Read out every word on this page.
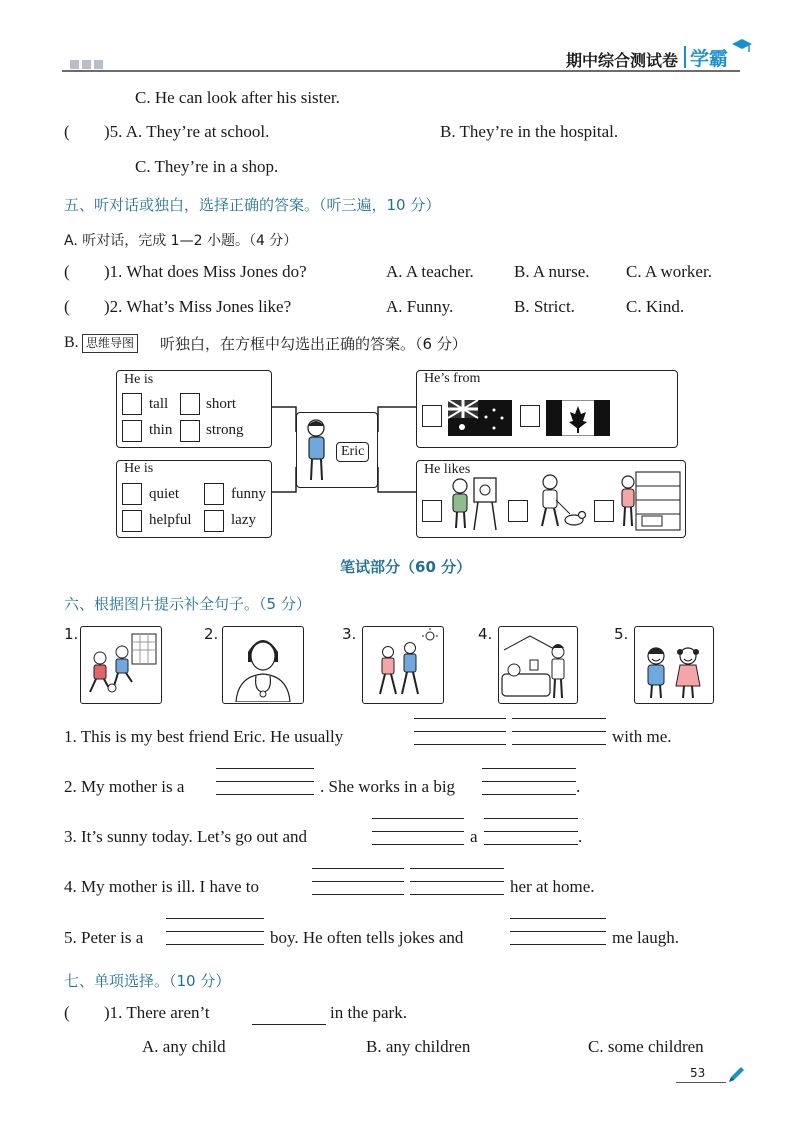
期中综合测试卷 学霸
C. He can look after his sister.
( )5. A. They’re at school.	B. They’re in the hospital.
C. They’re in a shop.
五、听对话或独白，选择正确的答案。（听三遍，10 分）
A. 听对话，完成 1—2 小题。（4 分）
( )1. What does Miss Jones do?	A. A teacher. B. A nurse. C. A worker.
( )2. What’s Miss Jones like?	A. Funny.	B. Strict.	C. Kind.
B. 思维导图 听独白，在方框中勾选出正确的答案。（6 分）
He is
tall	short
thin strong
He is
quiet	funny
helpful	lazy
Eric
He’s from
He likes
笔试部分（60 分）
六、根据图片提示补全句子。（5 分）
1.	2.	3.	4.	5.
1. This is my best friend Eric. He usually	with me.
2. My mother is a	. She works in a big	.
3. It’s sunny today. Let’s go out and	a	.
4. My mother is ill. I have to	her at home.
5. Peter is a	boy. He often tells jokes and	me laugh.
七、单项选择。（10 分）
( )1. There aren’t	in the park.
A. any child	B. any children	C. some children
53
